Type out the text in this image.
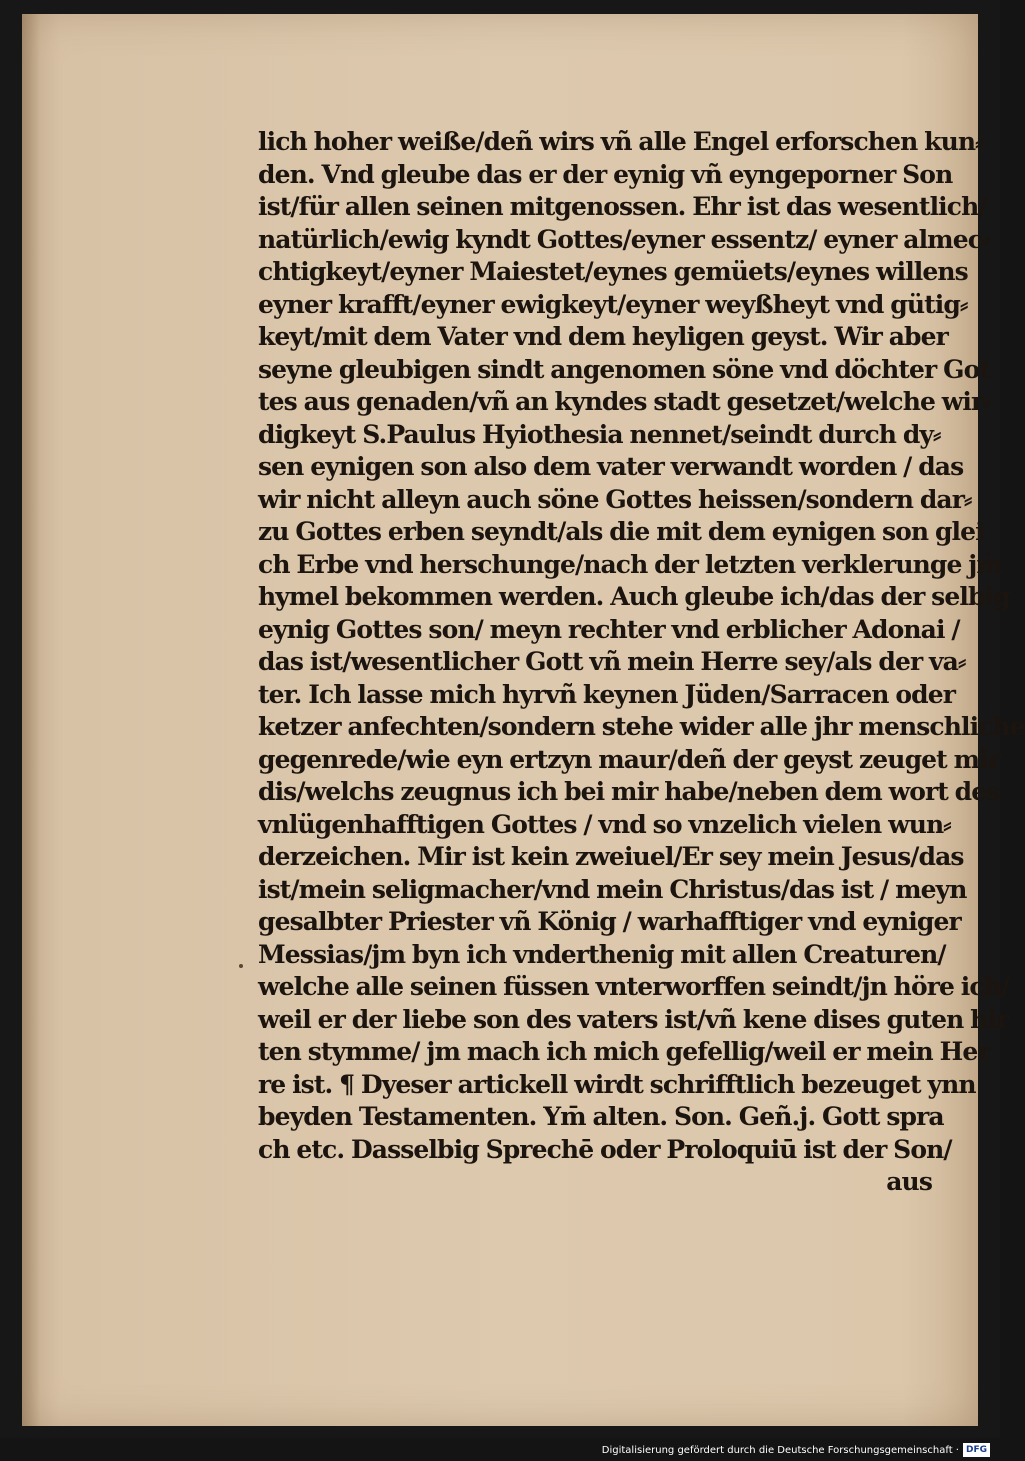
lich hoher weiße/deñ wirs vñ alle Engel erforschen kun⸗
den. Vnd gleube das er der eynig vñ eyngeporner Son
ist/für allen seinen mitgenossen. Ehr ist das wesentlich/
natürlich/ewig kyndt Gottes/eyner essentz/ eyner almec⸗
chtigkeyt/eyner Maiestet/eynes gemüets/eynes willens
eyner krafft/eyner ewigkeyt/eyner weyßheyt vnd gütig⸗
keyt/mit dem Vater vnd dem heyligen geyst. Wir aber
seyne gleubigen sindt angenomen söne vnd döchter Got
tes aus genaden/vñ an kyndes stadt gesetzet/welche wir⸗
digkeyt S.Paulus Hyiothesia nennet/seindt durch dy⸗
sen eynigen son also dem vater verwandt worden / das
wir nicht alleyn auch söne Gottes heissen/sondern dar⸗
zu Gottes erben seyndt/als die mit dem eynigen son glei
ch Erbe vnd herschunge/nach der letzten verklerunge jm̄
hymel bekommen werden. Auch gleube ich/das der selbig
eynig Gottes son/ meyn rechter vnd erblicher Adonai /
das ist/wesentlicher Gott vñ mein Herre sey/als der va⸗
ter. Ich lasse mich hyrvñ keynen Jüden/Sarracen oder
ketzer anfechten/sondern stehe wider alle jhr menschliche
gegenrede/wie eyn ertzyn maur/deñ der geyst zeuget mir
dis/welchs zeugnus ich bei mir habe/neben dem wort des
vnlügenhafftigen Gottes / vnd so vnzelich vielen wun⸗
derzeichen. Mir ist kein zweiuel/Er sey mein Jesus/das
ist/mein seligmacher/vnd mein Christus/das ist / meyn
gesalbter Priester vñ König / warhafftiger vnd eyniger
Messias/jm byn ich vnderthenig mit allen Creaturen/
welche alle seinen füssen vnterworffen seindt/jn höre ich/
weil er der liebe son des vaters ist/vñ kene dises guten hir
ten stymme/ jm mach ich mich gefellig/weil er mein Her
re ist. ¶ Dyeser artickell wirdt schrifftlich bezeuget ynn
beyden Testamenten. Ym̄ alten. Son. Geñ.j. Gott spra
ch etc. Dasselbig Sprechē oder Proloquiū ist der Son/
aus
Digitalisierung gefördert durch die Deutsche Forschungsgemeinschaft · DFG
